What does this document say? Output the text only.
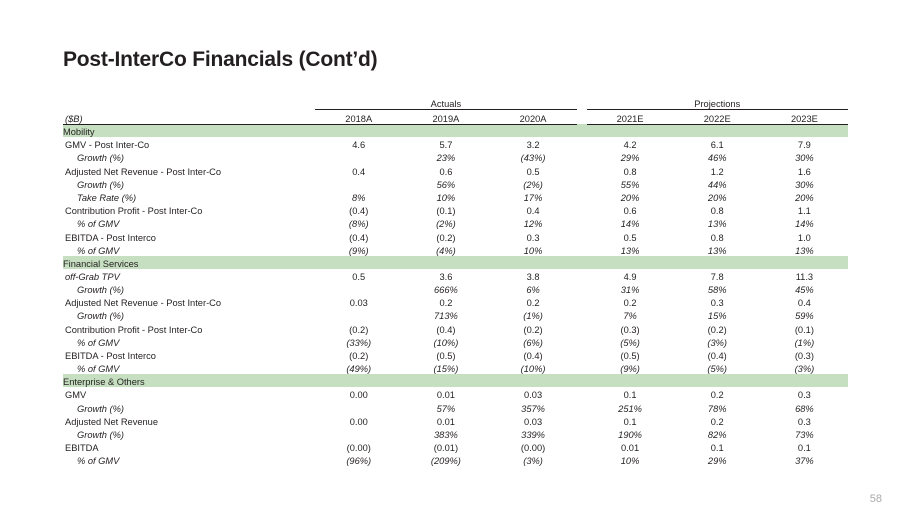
Post-InterCo Financials (Cont’d)
	Actuals				Projections		
($B)	2018A	2019A	2020A		2021E	2022E	2023E
Mobility							
GMV - Post Inter-Co	4.6	5.7	3.2		4.2	6.1	7.9
Growth (%)		23%	(43%)		29%	46%	30%
Adjusted Net Revenue - Post Inter-Co	0.4	0.6	0.5		0.8	1.2	1.6
Growth (%)		56%	(2%)		55%	44%	30%
Take Rate (%)	8%	10%	17%		20%	20%	20%
Contribution Profit - Post Inter-Co	(0.4)	(0.1)	0.4		0.6	0.8	1.1
% of GMV	(8%)	(2%)	12%		14%	13%	14%
EBITDA - Post Interco	(0.4)	(0.2)	0.3		0.5	0.8	1.0
% of GMV	(9%)	(4%)	10%		13%	13%	13%
Financial Services							
off-Grab TPV	0.5	3.6	3.8		4.9	7.8	11.3
Growth (%)		666%	6%		31%	58%	45%
Adjusted Net Revenue - Post Inter-Co	0.03	0.2	0.2		0.2	0.3	0.4
Growth (%)		713%	(1%)		7%	15%	59%
Contribution Profit - Post Inter-Co	(0.2)	(0.4)	(0.2)		(0.3)	(0.2)	(0.1)
% of GMV	(33%)	(10%)	(6%)		(5%)	(3%)	(1%)
EBITDA - Post Interco	(0.2)	(0.5)	(0.4)		(0.5)	(0.4)	(0.3)
% of GMV	(49%)	(15%)	(10%)		(9%)	(5%)	(3%)
Enterprise & Others							
GMV	0.00	0.01	0.03		0.1	0.2	0.3
Growth (%)		57%	357%		251%	78%	68%
Adjusted Net Revenue	0.00	0.01	0.03		0.1	0.2	0.3
Growth (%)		383%	339%		190%	82%	73%
EBITDA	(0.00)	(0.01)	(0.00)		0.01	0.1	0.1
% of GMV	(96%)	(209%)	(3%)		10%	29%	37%
58
